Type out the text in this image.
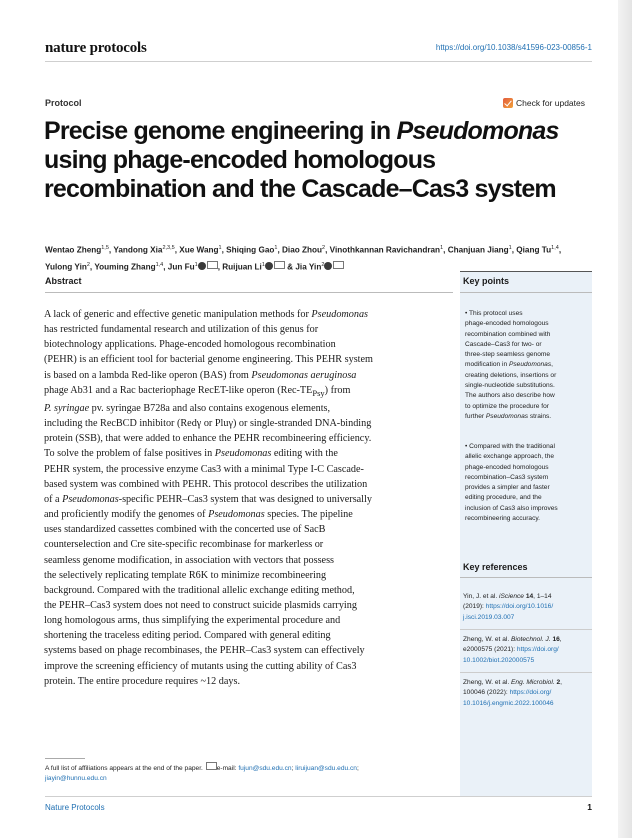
nature protocols	https://doi.org/10.1038/s41596-023-00856-1
Protocol	Check for updates
Precise genome engineering in Pseudomonas
using phage-encoded homologous
recombination and the Cascade–Cas3 system
Wentao Zheng$^{1,5}$, Yandong Xia$^{2,3,5}$, Xue Wang$^1$, Shiqing Gao$^1$, Diao Zhou$^2$, Vinothkannan Ravichandran$^1$, Chanjuan Jiang$^1$, Qiang Tu$^{1,4}$, Yulong Yin$^2$, Youming Zhang$^{1,4}$, Jun Fu$^1$ , Ruijuan Li$^1$ & Jia Yin$^2$
Abstract
A lack of generic and effective genetic manipulation methods for Pseudomonas
has restricted fundamental research and utilization of this genus for
biotechnology applications. Phage-encoded homologous recombination
(PEHR) is an efficient tool for bacterial genome engineering. This PEHR system
is based on a lambda Red-like operon (BAS) from Pseudomonas aeruginosa
phage Ab31 and a Rac bacteriophage RecET-like operon $(Rec-TE_{Psy})$ from
P. syringae pv. syringae B728a and also contains exogenous elements,
including the RecBCD inhibitor (Redγ or Pluγ) or single-stranded DNA-binding
protein (SSB), that were added to enhance the PEHR recombineering efficiency.
To solve the problem of false positives in Pseudomonas editing with the
PEHR system, the processive enzyme Cas3 with a minimal Type I-C Cascade-
based system was combined with PEHR. This protocol describes the utilization
of a Pseudomonas-specific PEHR–Cas3 system that was designed to universally
and proficiently modify the genomes of Pseudomonas species. The pipeline
uses standardized cassettes combined with the concerted use of SacB
counterselection and Cre site-specific recombinase for markerless or
seamless genome modification, in association with vectors that possess
the selectively replicating template R6K to minimize recombineering
background. Compared with the traditional allelic exchange editing method,
the PEHR–Cas3 system does not need to construct suicide plasmids carrying
long homologous arms, thus simplifying the experimental procedure and
shortening the traceless editing period. Compared with general editing
systems based on phage recombinases, the PEHR–Cas3 system can effectively
improve the screening efficiency of mutants using the cutting ability of Cas3
protein. The entire procedure requires ~12 days.
Key points
• This protocol uses
phage-encoded homologous
recombination combined with
Cascade–Cas3 for two- or
three-step seamless genome
modification in Pseudomonas,
creating deletions, insertions or
single-nucleotide substitutions.
The authors also describe how
to optimize the procedure for
further Pseudomonas strains.
• Compared with the traditional
allelic exchange approach, the
phage-encoded homologous
recombination–Cas3 system
provides a simpler and faster
editing procedure, and the
inclusion of Cas3 also improves
recombineering accuracy.
Key references
Yin, J. et al. iScience 14, 1–14
(2019): https://doi.org/10.1016/
j.isci.2019.03.007
Zheng, W. et al. Biotechnol. J. 16,
e2000575 (2021): https://doi.org/
10.1002/biot.202000575
Zheng, W. et al. Eng. Microbiol. 2,
100046 (2022): https://doi.org/
10.1016/j.engmic.2022.100046
A full list of affiliations appears at the end of the paper. e-mail: fujun@sdu.edu.cn; liruijuan@sdu.edu.cn;
jiayin@hunnu.edu.cn
Nature Protocols	1
